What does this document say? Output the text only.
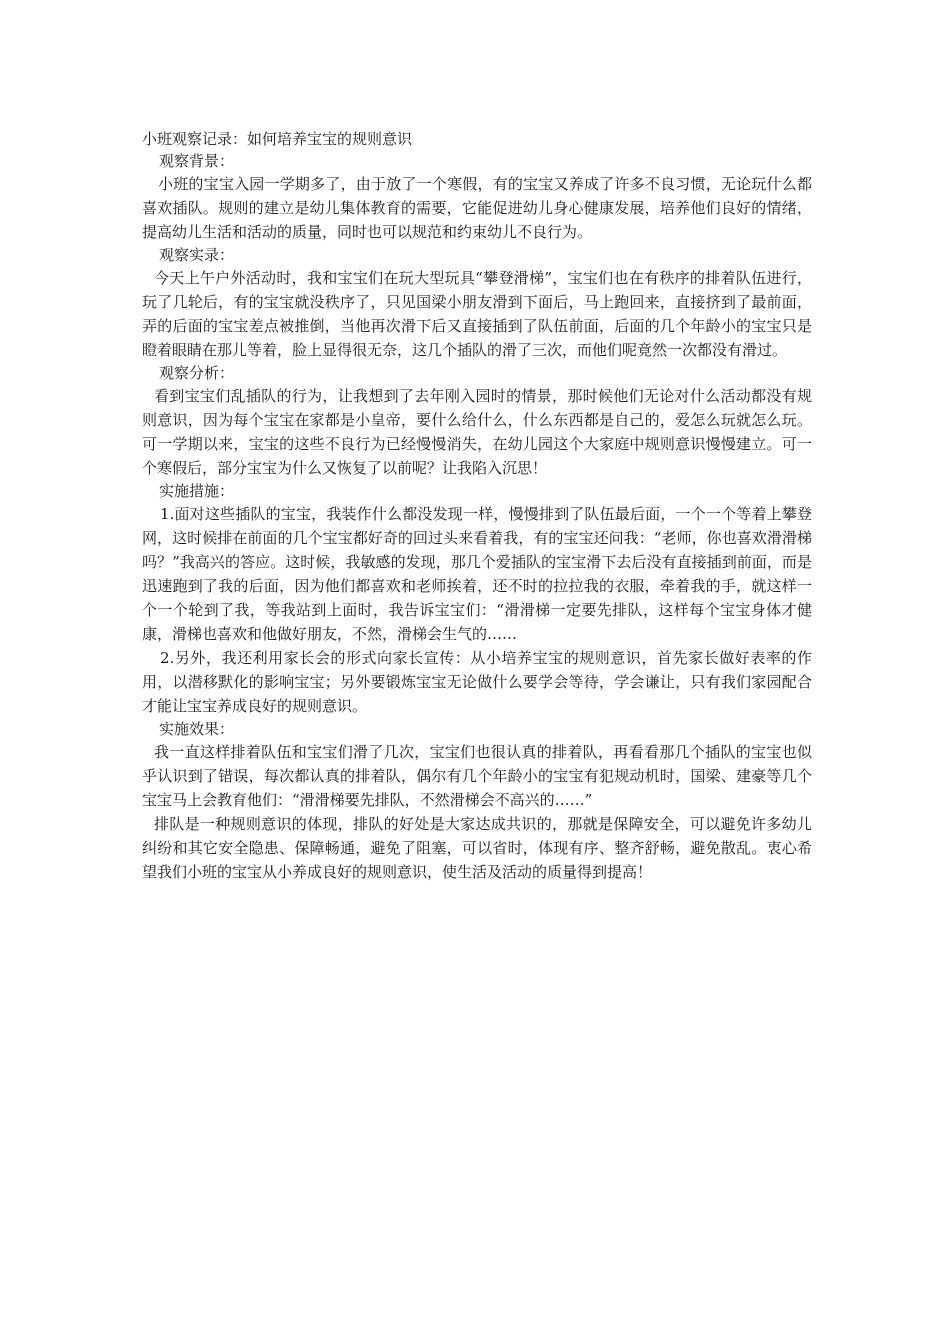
小班观察记录：如何培养宝宝的规则意识

观察背景：

小班的宝宝入园一学期多了，由于放了一个寒假，有的宝宝又养成了许多不良习惯，无论玩什么都喜欢插队。规则的建立是幼儿集体教育的需要，它能促进幼儿身心健康发展，培养他们良好的情绪，提高幼儿生活和活动的质量，同时也可以规范和约束幼儿不良行为。

观察实录：

今天上午户外活动时，我和宝宝们在玩大型玩具“攀登滑梯”，宝宝们也在有秩序的排着队伍进行，玩了几轮后，有的宝宝就没秩序了，只见国梁小朋友滑到下面后，马上跑回来，直接挤到了最前面，弄的后面的宝宝差点被推倒，当他再次滑下后又直接插到了队伍前面，后面的几个年龄小的宝宝只是瞪着眼睛在那儿等着，脸上显得很无奈，这几个插队的滑了三次，而他们呢竟然一次都没有滑过。

观察分析：

看到宝宝们乱插队的行为，让我想到了去年刚入园时的情景，那时候他们无论对什么活动都没有规则意识，因为每个宝宝在家都是小皇帝，要什么给什么，什么东西都是自己的，爱怎么玩就怎么玩。可一学期以来，宝宝的这些不良行为已经慢慢消失，在幼儿园这个大家庭中规则意识慢慢建立。可一个寒假后，部分宝宝为什么又恢复了以前呢？让我陷入沉思！

实施措施：

1.面对这些插队的宝宝，我装作什么都没发现一样，慢慢排到了队伍最后面，一个一个等着上攀登网，这时候排在前面的几个宝宝都好奇的回过头来看着我，有的宝宝还问我：“老师，你也喜欢滑滑梯吗？”我高兴的答应。这时候，我敏感的发现，那几个爱插队的宝宝滑下去后没有直接插到前面，而是迅速跑到了我的后面，因为他们都喜欢和老师挨着，还不时的拉拉我的衣服，牵着我的手，就这样一个一个轮到了我，等我站到上面时，我告诉宝宝们：“滑滑梯一定要先排队，这样每个宝宝身体才健康，滑梯也喜欢和他做好朋友，不然，滑梯会生气的……

2.另外，我还利用家长会的形式向家长宣传：从小培养宝宝的规则意识，首先家长做好表率的作用，以潜移默化的影响宝宝；另外要锻炼宝宝无论做什么要学会等待，学会谦让，只有我们家园配合才能让宝宝养成良好的规则意识。

实施效果：

我一直这样排着队伍和宝宝们滑了几次，宝宝们也很认真的排着队，再看看那几个插队的宝宝也似乎认识到了错误，每次都认真的排着队，偶尔有几个年龄小的宝宝有犯规动机时，国梁、建豪等几个宝宝马上会教育他们：“滑滑梯要先排队，不然滑梯会不高兴的……”

排队是一种规则意识的体现，排队的好处是大家达成共识的，那就是保障安全，可以避免许多幼儿纠纷和其它安全隐患、保障畅通，避免了阻塞，可以省时，体现有序、整齐舒畅，避免散乱。衷心希望我们小班的宝宝从小养成良好的规则意识，使生活及活动的质量得到提高！
